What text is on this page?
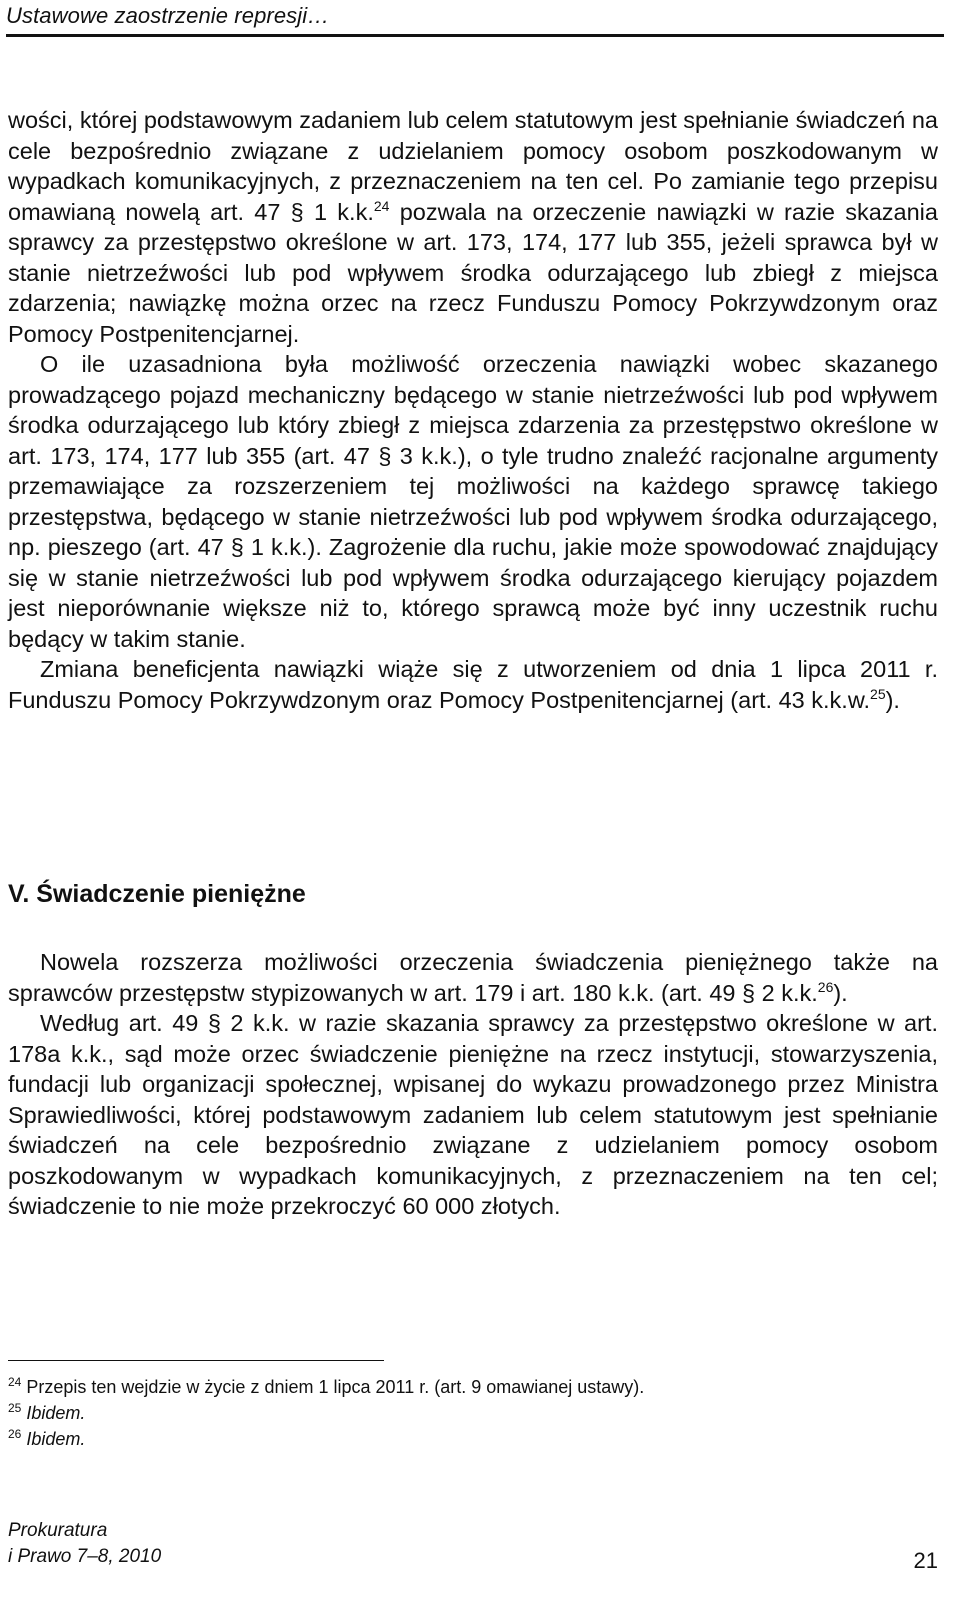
Ustawowe zaostrzenie represji…

wości, której podstawowym zadaniem lub celem statutowym jest spełnianie świadczeń na cele bezpośrednio związane z udzielaniem pomocy osobom poszkodowanym w wypadkach komunikacyjnych, z przeznaczeniem na ten cel. Po zamianie tego przepisu omawianą nowelą art. 47 § 1 k.k.$^{24}$ pozwala na orzeczenie nawiązki w razie skazania sprawcy za przestępstwo określone w art. 173, 174, 177 lub 355, jeżeli sprawca był w stanie nietrzeźwości lub pod wpływem środka odurzającego lub zbiegł z miejsca zdarzenia; nawiązkę można orzec na rzecz Funduszu Pomocy Pokrzywdzonym oraz Pomocy Postpenitencjarnej.

O ile uzasadniona była możliwość orzeczenia nawiązki wobec skazanego prowadzącego pojazd mechaniczny będącego w stanie nietrzeźwości lub pod wpływem środka odurzającego lub który zbiegł z miejsca zdarzenia za przestępstwo określone w art. 173, 174, 177 lub 355 (art. 47 § 3 k.k.), o tyle trudno znaleźć racjonalne argumenty przemawiające za rozszerzeniem tej możliwości na każdego sprawcę takiego przestępstwa, będącego w stanie nietrzeźwości lub pod wpływem środka odurzającego, np. pieszego (art. 47 § 1 k.k.). Zagrożenie dla ruchu, jakie może spowodować znajdujący się w stanie nietrzeźwości lub pod wpływem środka odurzającego kierujący pojazdem jest nieporównanie większe niż to, którego sprawcą może być inny uczestnik ruchu będący w takim stanie.

Zmiana beneficjenta nawiązki wiąże się z utworzeniem od dnia 1 lipca 2011 r. Funduszu Pomocy Pokrzywdzonym oraz Pomocy Postpenitencjarnej (art. 43 k.k.w.$^{25}$).

V. Świadczenie pieniężne

Nowela rozszerza możliwości orzeczenia świadczenia pieniężnego także na sprawców przestępstw stypizowanych w art. 179 i art. 180 k.k. (art. 49 § 2 k.k.$^{26}$).

Według art. 49 § 2 k.k. w razie skazania sprawcy za przestępstwo określone w art. 178a k.k., sąd może orzec świadczenie pieniężne na rzecz instytucji, stowarzyszenia, fundacji lub organizacji społecznej, wpisanej do wykazu prowadzonego przez Ministra Sprawiedliwości, której podstawowym zadaniem lub celem statutowym jest spełnianie świadczeń na cele bezpośrednio związane z udzielaniem pomocy osobom poszkodowanym w wypadkach komunikacyjnych, z przeznaczeniem na ten cel; świadczenie to nie może przekroczyć 60 000 złotych.

$^{24}$ Przepis ten wejdzie w życie z dniem 1 lipca 2011 r. (art. 9 omawianej ustawy).

$^{25}$ Ibidem.

$^{26}$ Ibidem.

Prokuratura
i Prawo 7–8, 2010	21
